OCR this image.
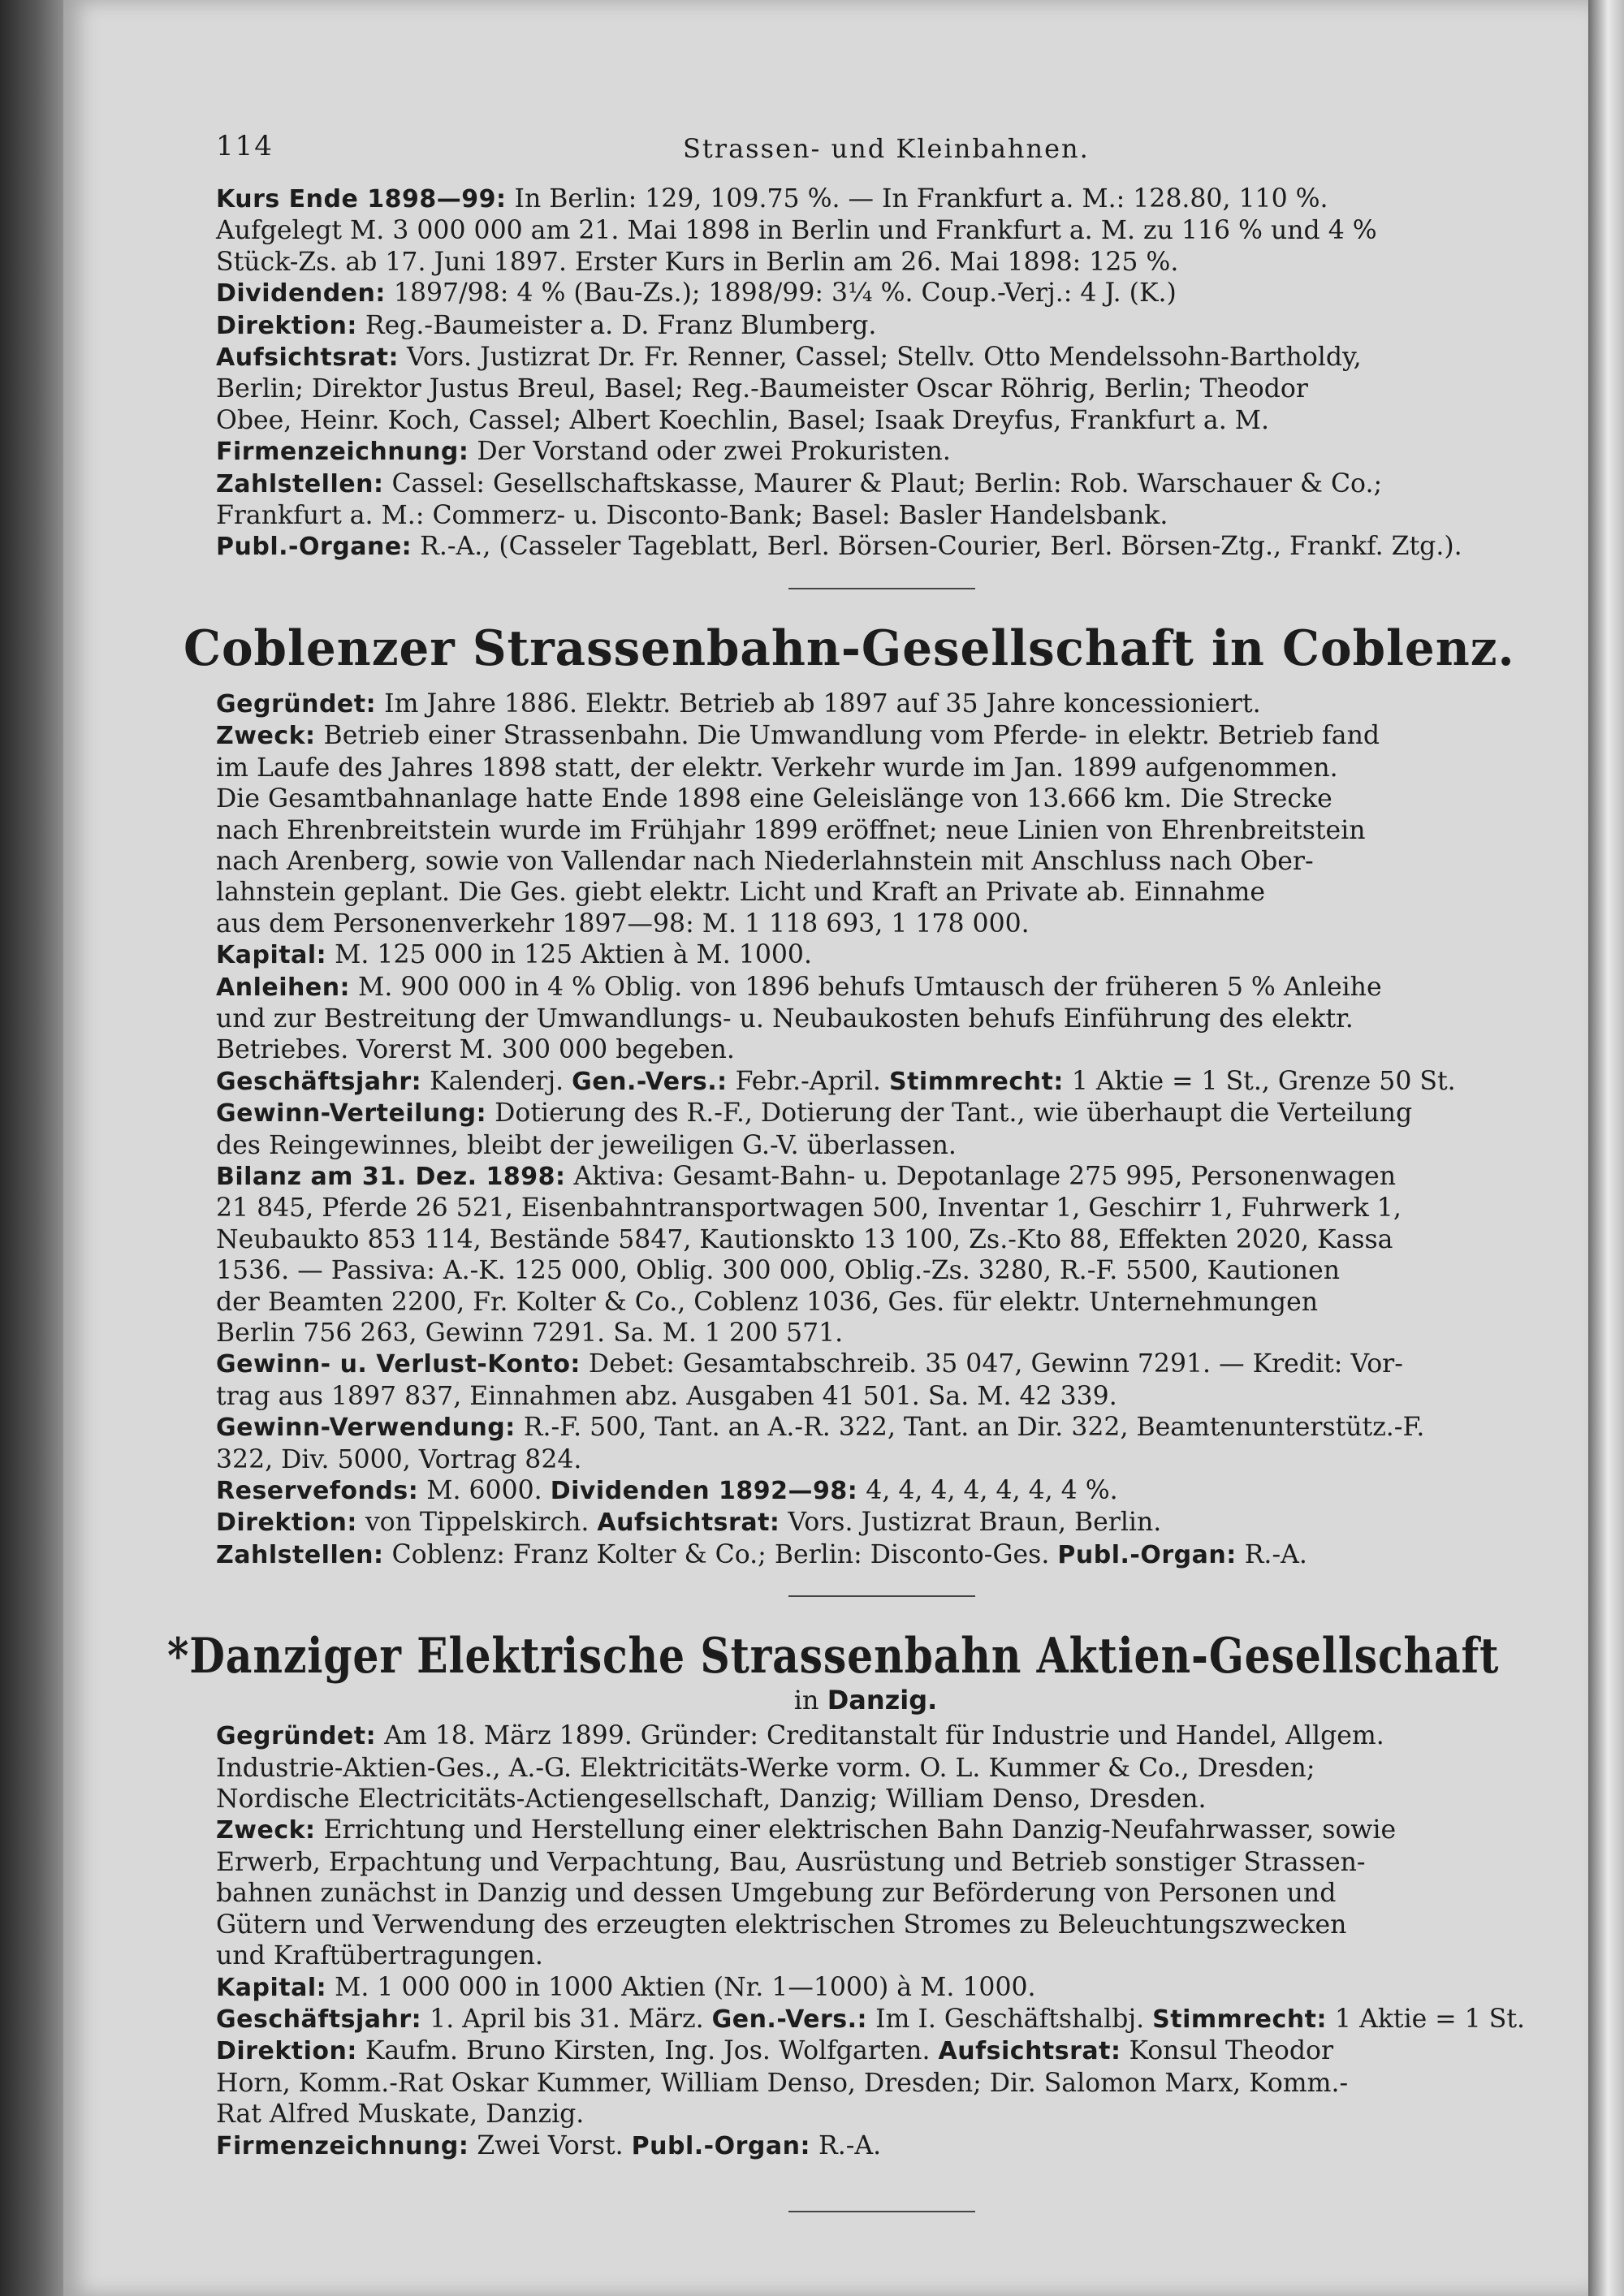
114	Strassen- und Kleinbahnen.

Kurs Ende 1898—99: In Berlin: 129, 109.75 %. — In Frankfurt a. M.: 128.80, 110 %.

Aufgelegt M. 3 000 000 am 21. Mai 1898 in Berlin und Frankfurt a. M. zu 116 % und 4 %

Stück-Zs. ab 17. Juni 1897. Erster Kurs in Berlin am 26. Mai 1898: 125 %.

Dividenden: 1897/98: 4 % (Bau-Zs.); 1898/99: 3¼ %. Coup.-Verj.: 4 J. (K.)

Direktion: Reg.-Baumeister a. D. Franz Blumberg.

Aufsichtsrat: Vors. Justizrat Dr. Fr. Renner, Cassel; Stellv. Otto Mendelssohn-Bartholdy,

Berlin; Direktor Justus Breul, Basel; Reg.-Baumeister Oscar Röhrig, Berlin; Theodor

Obee, Heinr. Koch, Cassel; Albert Koechlin, Basel; Isaak Dreyfus, Frankfurt a. M.

Firmenzeichnung: Der Vorstand oder zwei Prokuristen.

Zahlstellen: Cassel: Gesellschaftskasse, Maurer & Plaut; Berlin: Rob. Warschauer & Co.;

Frankfurt a. M.: Commerz- u. Disconto-Bank; Basel: Basler Handelsbank.

Publ.-Organe: R.-A., (Casseler Tageblatt, Berl. Börsen-Courier, Berl. Börsen-Ztg., Frankf. Ztg.).

Coblenzer Strassenbahn-Gesellschaft in Coblenz.

Gegründet: Im Jahre 1886. Elektr. Betrieb ab 1897 auf 35 Jahre koncessioniert.

Zweck: Betrieb einer Strassenbahn. Die Umwandlung vom Pferde- in elektr. Betrieb fand

im Laufe des Jahres 1898 statt, der elektr. Verkehr wurde im Jan. 1899 aufgenommen.

Die Gesamtbahnanlage hatte Ende 1898 eine Geleislänge von 13.666 km. Die Strecke

nach Ehrenbreitstein wurde im Frühjahr 1899 eröffnet; neue Linien von Ehrenbreitstein

nach Arenberg, sowie von Vallendar nach Niederlahnstein mit Anschluss nach Ober-

lahnstein geplant. Die Ges. giebt elektr. Licht und Kraft an Private ab. Einnahme

aus dem Personenverkehr 1897—98: M. 1 118 693, 1 178 000.

Kapital: M. 125 000 in 125 Aktien à M. 1000.

Anleihen: M. 900 000 in 4 % Oblig. von 1896 behufs Umtausch der früheren 5 % Anleihe

und zur Bestreitung der Umwandlungs- u. Neubaukosten behufs Einführung des elektr.

Betriebes. Vorerst M. 300 000 begeben.

Geschäftsjahr: Kalenderj. Gen.-Vers.: Febr.-April. Stimmrecht: 1 Aktie = 1 St., Grenze 50 St.

Gewinn-Verteilung: Dotierung des R.-F., Dotierung der Tant., wie überhaupt die Verteilung

des Reingewinnes, bleibt der jeweiligen G.-V. überlassen.

Bilanz am 31. Dez. 1898: Aktiva: Gesamt-Bahn- u. Depotanlage 275 995, Personenwagen

21 845, Pferde 26 521, Eisenbahntransportwagen 500, Inventar 1, Geschirr 1, Fuhrwerk 1,

Neubaukto 853 114, Bestände 5847, Kautionskto 13 100, Zs.-Kto 88, Effekten 2020, Kassa

1536. — Passiva: A.-K. 125 000, Oblig. 300 000, Oblig.-Zs. 3280, R.-F. 5500, Kautionen

der Beamten 2200, Fr. Kolter & Co., Coblenz 1036, Ges. für elektr. Unternehmungen

Berlin 756 263, Gewinn 7291. Sa. M. 1 200 571.

Gewinn- u. Verlust-Konto: Debet: Gesamtabschreib. 35 047, Gewinn 7291. — Kredit: Vor-

trag aus 1897 837, Einnahmen abz. Ausgaben 41 501. Sa. M. 42 339.

Gewinn-Verwendung: R.-F. 500, Tant. an A.-R. 322, Tant. an Dir. 322, Beamtenunterstütz.-F.

322, Div. 5000, Vortrag 824.

Reservefonds: M. 6000. Dividenden 1892—98: 4, 4, 4, 4, 4, 4, 4 %.

Direktion: von Tippelskirch. Aufsichtsrat: Vors. Justizrat Braun, Berlin.

Zahlstellen: Coblenz: Franz Kolter & Co.; Berlin: Disconto-Ges. Publ.-Organ: R.-A.

*Danziger Elektrische Strassenbahn Aktien-Gesellschaft

in Danzig.

Gegründet: Am 18. März 1899. Gründer: Creditanstalt für Industrie und Handel, Allgem.

Industrie-Aktien-Ges., A.-G. Elektricitäts-Werke vorm. O. L. Kummer & Co., Dresden;

Nordische Electricitäts-Actiengesellschaft, Danzig; William Denso, Dresden.

Zweck: Errichtung und Herstellung einer elektrischen Bahn Danzig-Neufahrwasser, sowie

Erwerb, Erpachtung und Verpachtung, Bau, Ausrüstung und Betrieb sonstiger Strassen-

bahnen zunächst in Danzig und dessen Umgebung zur Beförderung von Personen und

Gütern und Verwendung des erzeugten elektrischen Stromes zu Beleuchtungszwecken

und Kraftübertragungen.

Kapital: M. 1 000 000 in 1000 Aktien (Nr. 1—1000) à M. 1000.

Geschäftsjahr: 1. April bis 31. März. Gen.-Vers.: Im I. Geschäftshalbj. Stimmrecht: 1 Aktie = 1 St.

Direktion: Kaufm. Bruno Kirsten, Ing. Jos. Wolfgarten. Aufsichtsrat: Konsul Theodor

Horn, Komm.-Rat Oskar Kummer, William Denso, Dresden; Dir. Salomon Marx, Komm.-

Rat Alfred Muskate, Danzig.

Firmenzeichnung: Zwei Vorst. Publ.-Organ: R.-A.
